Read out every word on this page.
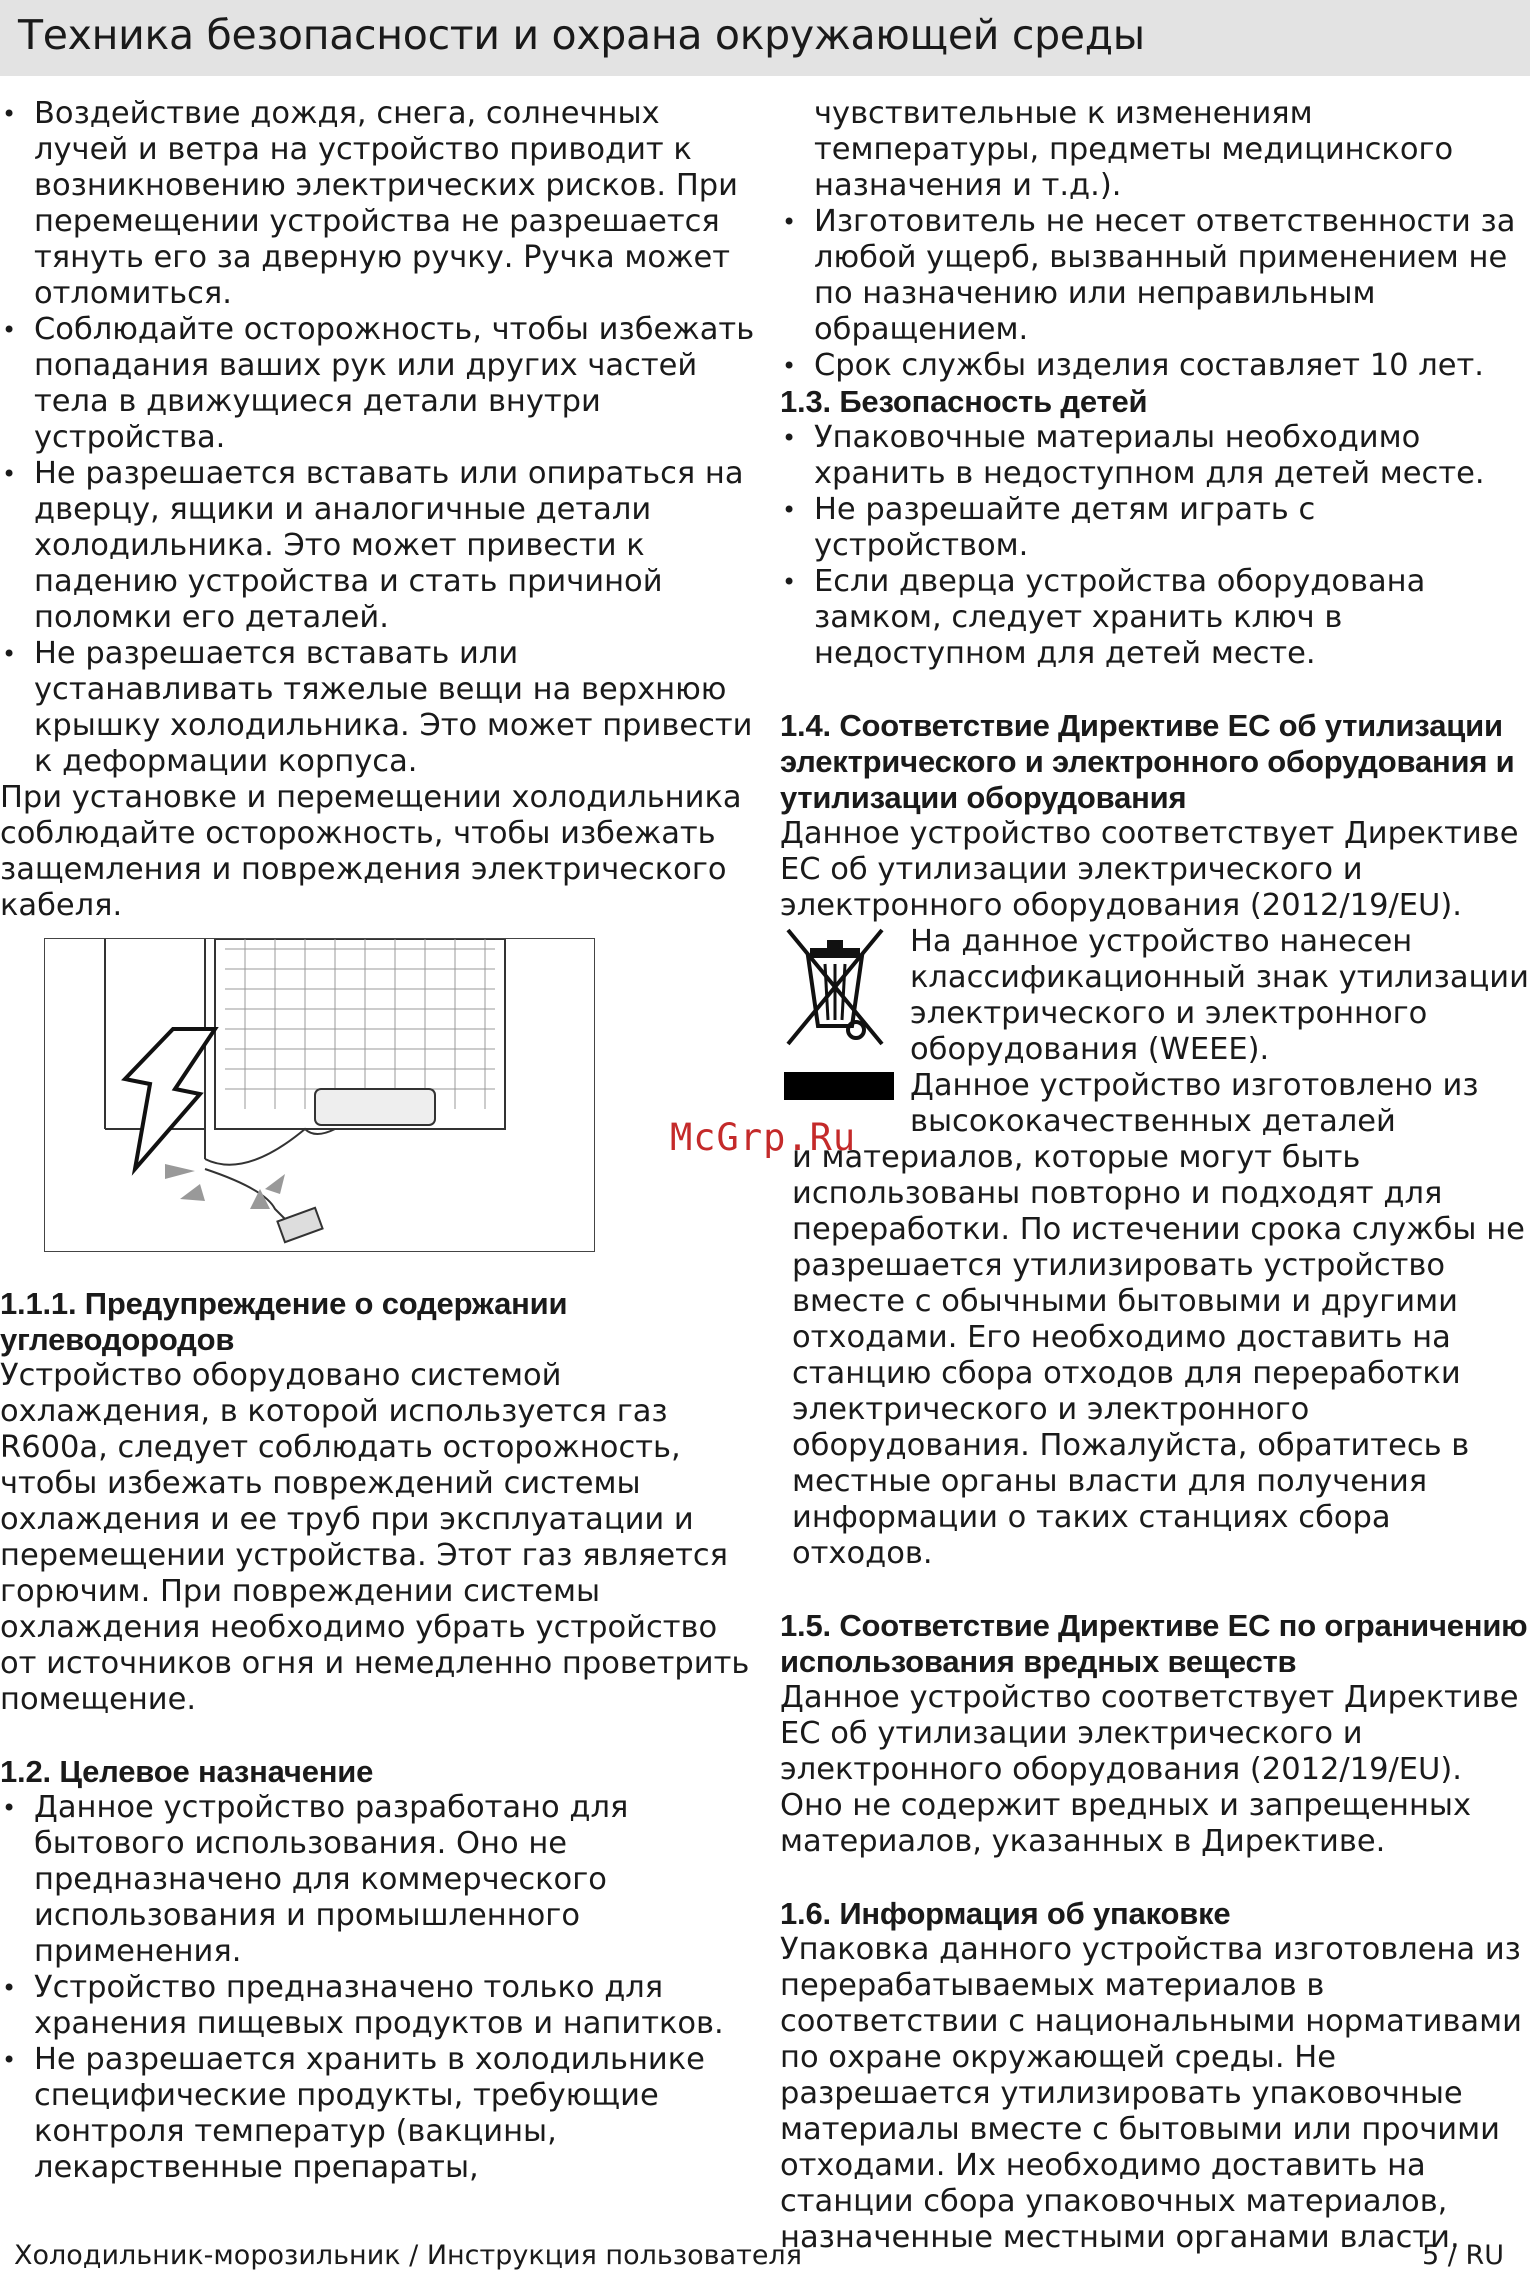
Техника безопасности и охрана окружающей среды
• Воздействие дождя, снега, солнечных лучей и ветра на устройство приводит к возникновению электрических рисков. При перемещении устройства не разрешается тянуть его за дверную ручку. Ручка может отломиться.
• Соблюдайте осторожность, чтобы избежать попадания ваших рук или других частей тела в движущиеся детали внутри устройства.
• Не разрешается вставать или опираться на дверцу, ящики и аналогичные детали холодильника. Это может привести к падению устройства и стать причиной поломки его деталей.
• Не разрешается вставать или устанавливать тяжелые вещи на верхнюю крышку холодильника. Это может привести к деформации корпуса.

При установке и перемещении холодильника соблюдайте осторожность, чтобы избежать защемления и повреждения электрического кабеля.

1.1.1. Предупреждение о содержании углеводородов

Устройство оборудовано системой охлаждения, в которой используется газ R600a, следует соблюдать осторожность, чтобы избежать повреждений системы охлаждения и ее труб при эксплуатации и перемещении устройства. Этот газ является горючим. При повреждении системы охлаждения необходимо убрать устройство от источников огня и немедленно проветрить помещение.

1.2. Целевое назначение
• Данное устройство разработано для бытового использования. Оно не предназначено для коммерческого использования и промышленного применения.
• Устройство предназначено только для хранения пищевых продуктов и напитков.
• Не разрешается хранить в холодильнике специфические продукты, требующие контроля температур (вакцины, лекарственные препараты,

чувствительные к изменениям температуры, предметы медицинского назначения и т.д.).

• Изготовитель не несет ответственности за любой ущерб, вызванный применением не по назначению или неправильным обращением.
• Срок службы изделия составляет 10 лет.
1.3. Безопасность детей
• Упаковочные материалы необходимо хранить в недоступном для детей месте.
• Не разрешайте детям играть с устройством.
• Если дверца устройства оборудована замком, следует хранить ключ в недоступном для детей месте.
1.4. Соответствие Директиве ЕС об утилизации электрического и электронного оборудования и утилизации оборудования

Данное устройство соответствует Директиве ЕС об утилизации электрического и электронного оборудования (2012/19/EU).

На данное устройство нанесен классификационный знак утилизации электрического и электронного оборудования (WEEE).

Данное устройство изготовлено из высококачественных деталей

и материалов, которые могут быть использованы повторно и подходят для переработки. По истечении срока службы не разрешается утилизировать устройство вместе с обычными бытовыми и другими отходами. Его необходимо доставить на станцию сбора отходов для переработки электрического и электронного оборудования. Пожалуйста, обратитесь в местные органы власти для получения информации о таких станциях сбора отходов.

1.5. Соответствие Директиве ЕС по ограничению использования вредных веществ

Данное устройство соответствует Директиве ЕС об утилизации электрического и электронного оборудования (2012/19/EU). Оно не содержит вредных и запрещенных материалов, указанных в Директиве.

1.6. Информация об упаковке

Упаковка данного устройства изготовлена из перерабатываемых материалов в соответствии с национальными нормативами по охране окружающей среды. Не разрешается утилизировать упаковочные материалы вместе с бытовыми или прочими отходами. Их необходимо доставить на станции сбора упаковочных материалов, назначенные местными органами власти.

McGrp.Ru
Холодильник-морозильник / Инструкция пользователя	5 / RU
